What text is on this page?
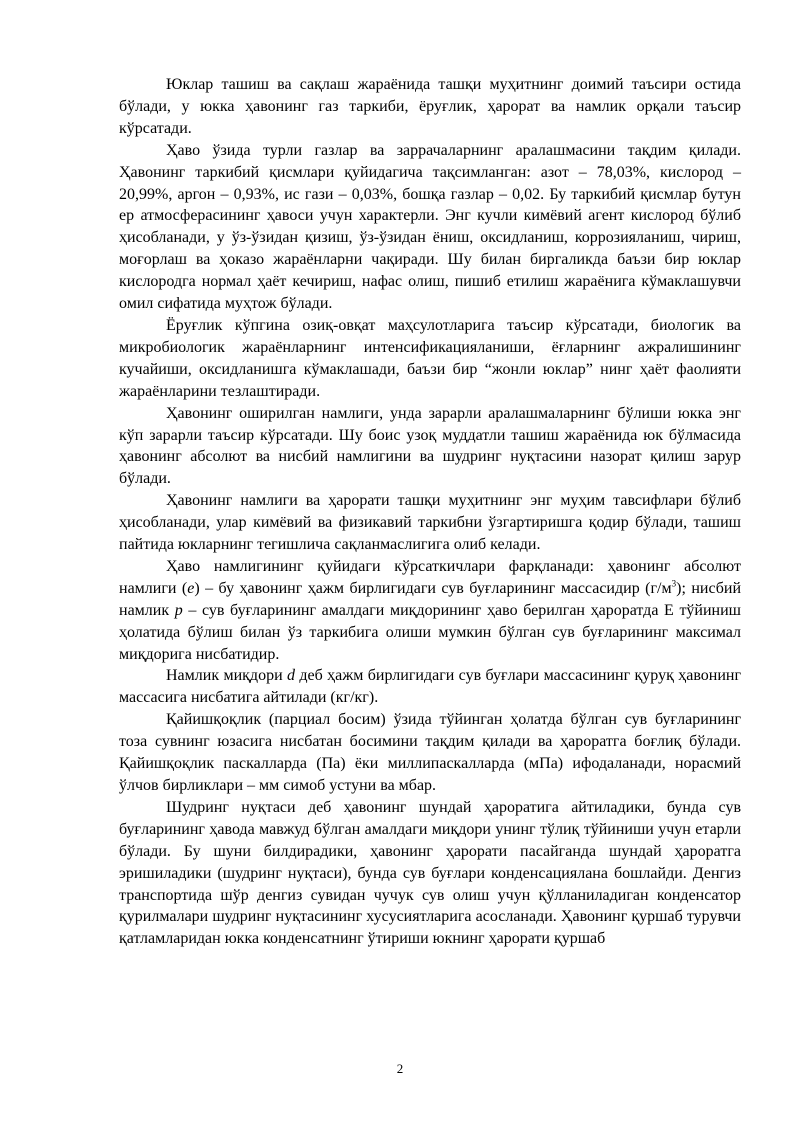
Юклар ташиш ва сақлаш жараёнида ташқи муҳитнинг доимий таъсири остида бўлади, у юкка ҳавонинг газ таркиби, ёруғлик, ҳарорат ва намлик орқали таъсир кўрсатади.

Ҳаво ўзида турли газлар ва заррачаларнинг аралашмасини тақдим қилади. Ҳавонинг таркибий қисмлари қуйидагича тақсимланган: азот – 78,03%, кислород – 20,99%, аргон – 0,93%, ис гази – 0,03%, бошқа газлар – 0,02. Бу таркибий қисмлар бутун ер атмосферасининг ҳавоси учун характерли. Энг кучли кимёвий агент кислород бўлиб ҳисобланади, у ўз-ўзидан қизиш, ўз-ўзидан ёниш, оксидланиш, коррозияланиш, чириш, моғорлаш ва ҳоказо жараёнларни чақиради. Шу билан биргаликда баъзи бир юклар кислородга нормал ҳаёт кечириш, нафас олиш, пишиб етилиш жараёнига кўмаклашувчи омил сифатида муҳтож бўлади.

Ёруғлик кўпгина озиқ-овқат маҳсулотларига таъсир кўрсатади, биологик ва микробиологик жараёнларнинг интенсификацияланиши, ёғларнинг ажралишининг кучайиши, оксидланишга кўмаклашади, баъзи бир “жонли юклар” нинг ҳаёт фаолияти жараёнларини тезлаштиради.

Ҳавонинг оширилган намлиги, унда зарарли аралашмаларнинг бўлиши юкка энг кўп зарарли таъсир кўрсатади. Шу боис узоқ муддатли ташиш жараёнида юк бўлмасида ҳавонинг абсолют ва нисбий намлигини ва шудринг нуқтасини назорат қилиш зарур бўлади.

Ҳавонинг намлиги ва ҳарорати ташқи муҳитнинг энг муҳим тавсифлари бўлиб ҳисобланади, улар кимёвий ва физикавий таркибни ўзгартиришга қодир бўлади, ташиш пайтида юкларнинг тегишлича сақланмаслигига олиб келади.

Ҳаво намлигининг қуйидаги кўрсаткичлари фарқланади: ҳавонинг абсолют намлиги (e) – бу ҳавонинг ҳажм бирлигидаги сув буғларининг массасидир $(г/м^3)$; нисбий намлик р – сув буғларининг амалдаги миқдорининг ҳаво берилган ҳароратда Е тўйиниш ҳолатида бўлиш билан ўз таркибига олиши мумкин бўлган сув буғларининг максимал миқдорига нисбатидир.

Намлик миқдори d деб ҳажм бирлигидаги сув буғлари массасининг қуруқ ҳавонинг массасига нисбатига айтилади (кг/кг).

Қайишқоқлик (парциал босим) ўзида тўйинган ҳолатда бўлган сув буғларининг тоза сувнинг юзасига нисбатан босимини тақдим қилади ва ҳароратга боғлиқ бўлади. Қайишқоқлик паскалларда (Па) ёки миллипаскалларда (мПа) ифодаланади, норасмий ўлчов бирликлари – мм симоб устуни ва мбар.

Шудринг нуқтаси деб ҳавонинг шундай ҳароратига айтиладики, бунда сув буғларининг ҳавода мавжуд бўлган амалдаги миқдори унинг тўлиқ тўйиниши учун етарли бўлади. Бу шуни билдирадики, ҳавонинг ҳарорати пасайганда шундай ҳароратга эришиладики (шудринг нуқтаси), бунда сув буғлари конденсациялана бошлайди. Денгиз транспортида шўр денгиз сувидан чучук сув олиш учун қўлланиладиган конденсатор қурилмалари шудринг нуқтасининг хусусиятларига асосланади. Ҳавонинг қуршаб турувчи қатламларидан юкка конденсатнинг ўтириши юкнинг ҳарорати қуршаб

2
